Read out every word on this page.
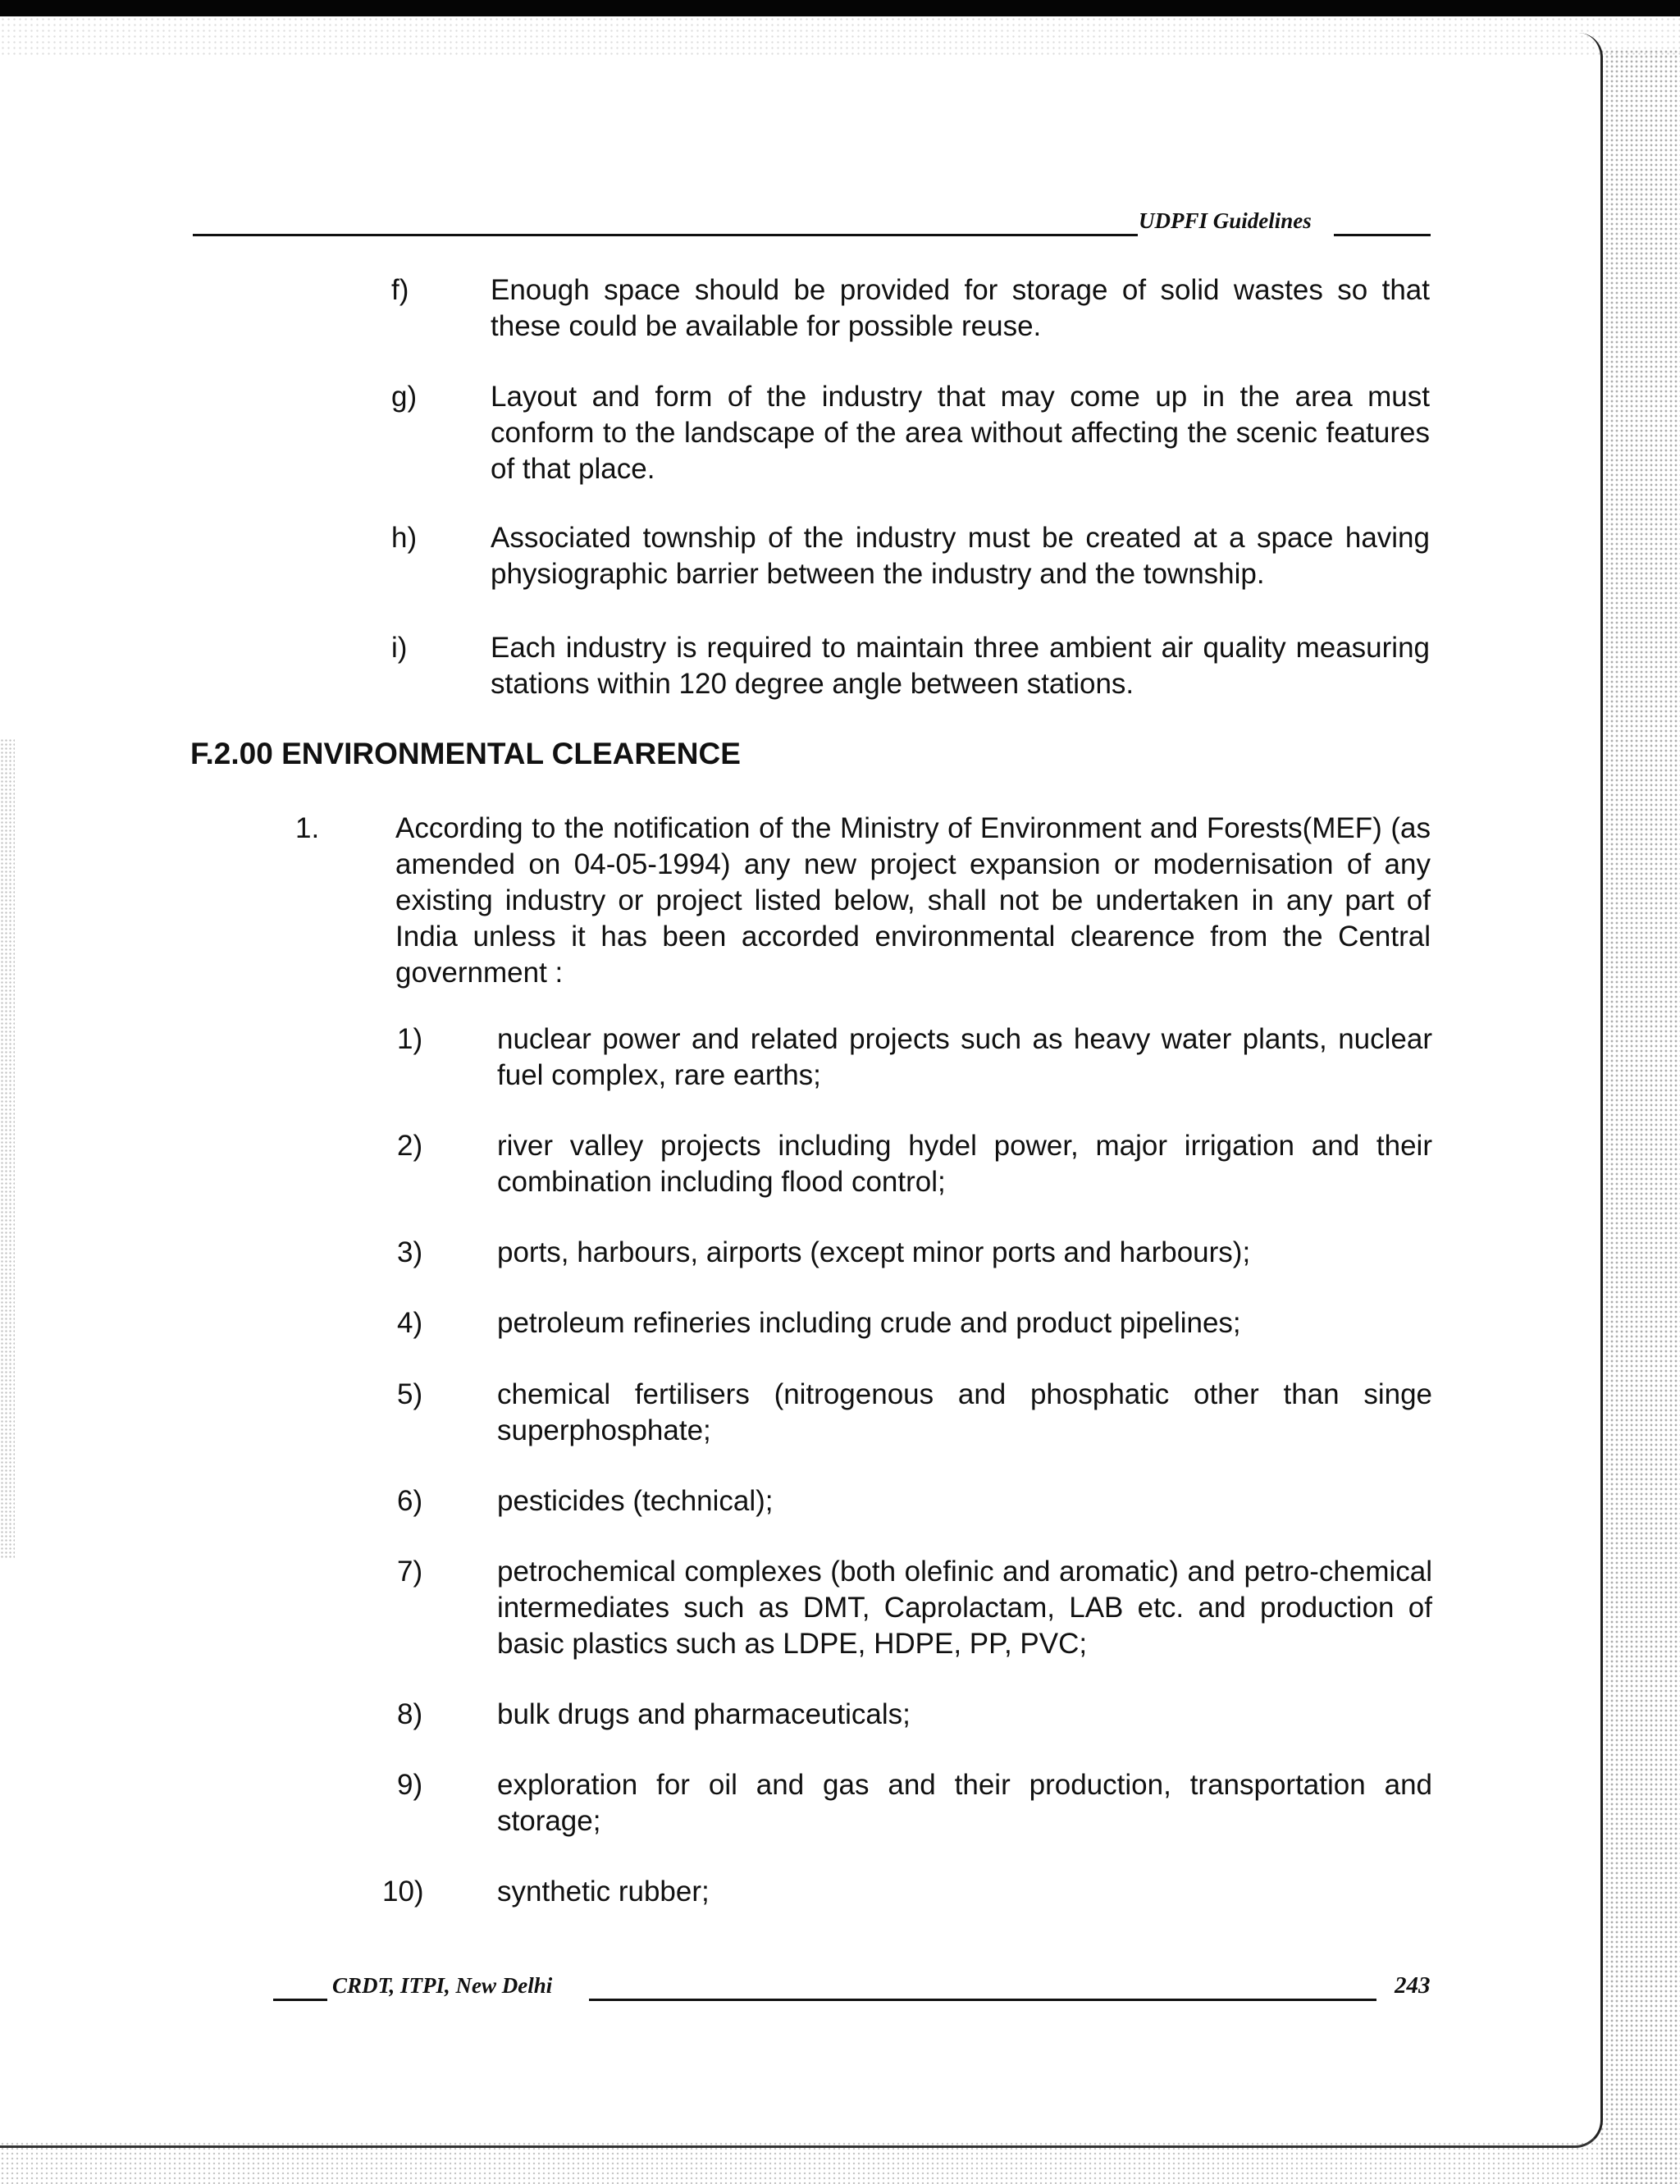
UDPFI Guidelines
f)	Enough space should be provided for storage of solid wastes so that these could be available for possible reuse.
g)	Layout and form of the industry that may come up in the area must conform to the landscape of the area without affecting the scenic features of that place.
h)	Associated township of the industry must be created at a space having physiographic barrier between the industry and the township.
i)	Each industry is required to maintain three ambient air quality measuring stations within 120 degree angle between stations.
F.2.00 ENVIRONMENTAL CLEARENCE
1.	According to the notification of the Ministry of Environment and Forests(MEF) (as amended on 04-05-1994) any new project expansion or modernisation of any existing industry or project listed below, shall not be undertaken in any part of India unless it has been accorded environmental clearence from the Central government :
1)	nuclear power and related projects such as heavy water plants, nuclear fuel complex, rare earths;
2)	river valley projects including hydel power, major irrigation and their combination including flood control;
3)	ports, harbours, airports (except minor ports and harbours);
4)	petroleum refineries including crude and product pipelines;
5)	chemical fertilisers (nitrogenous and phosphatic other than singe superphosphate;
6)	pesticides (technical);
7)	petrochemical complexes (both olefinic and aromatic) and petro-chemical intermediates such as DMT, Caprolactam, LAB etc. and production of basic plastics such as LDPE, HDPE, PP, PVC;
8)	bulk drugs and pharmaceuticals;
9)	exploration for oil and gas and their production, transportation and storage;
10)	synthetic rubber;
CRDT, ITPI, New Delhi	243
